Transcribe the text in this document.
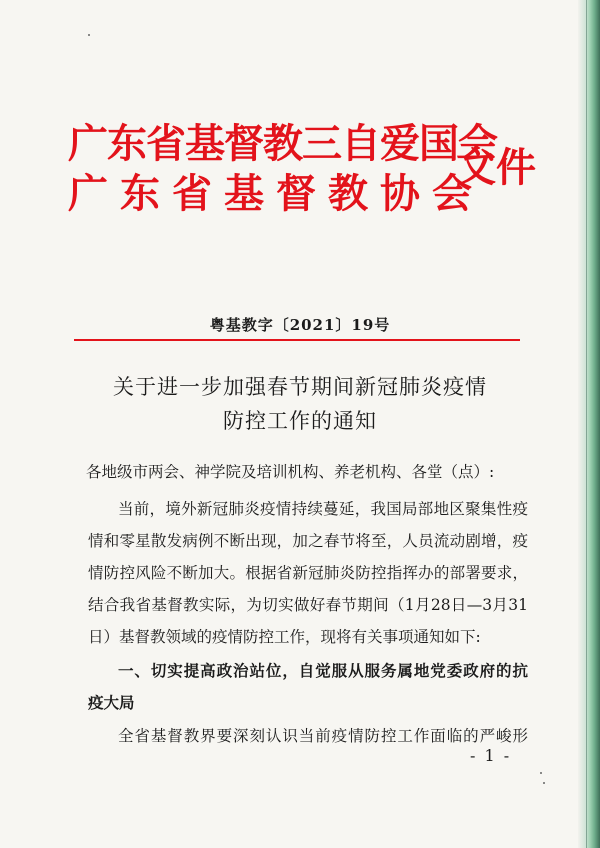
广东省基督教三自爱国会
广东省基督教协会
文件
粤基教字〔2021〕19号
关于进一步加强春节期间新冠肺炎疫情
防控工作的通知
各地级市两会、神学院及培训机构、养老机构、各堂（点）:
当前，境外新冠肺炎疫情持续蔓延，我国局部地区聚集性疫
情和零星散发病例不断出现，加之春节将至，人员流动剧增，疫
情防控风险不断加大。根据省新冠肺炎防控指挥办的部署要求，
结合我省基督教实际，为切实做好春节期间（1月28日—3月31
日）基督教领域的疫情防控工作，现将有关事项通知如下:
一、切实提高政治站位，自觉服从服务属地党委政府的抗
疫大局
全省基督教界要深刻认识当前疫情防控工作面临的严峻形
- 1 -
